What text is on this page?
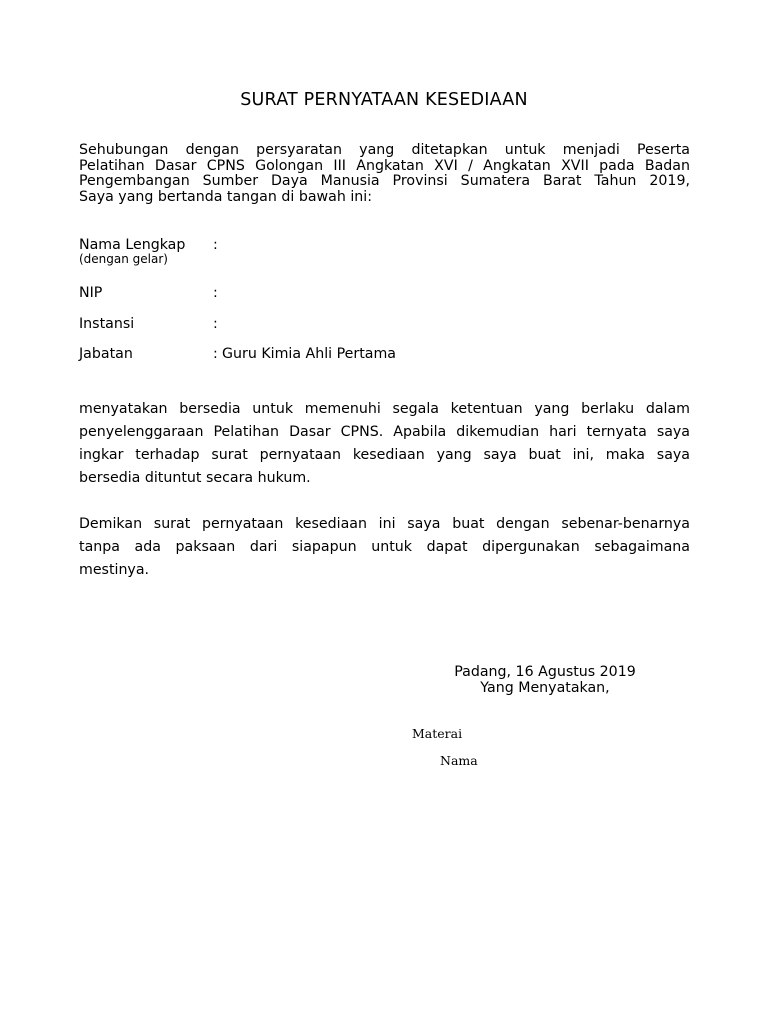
SURAT PERNYATAAN KESEDIAAN
Sehubungan dengan persyaratan yang ditetapkan untuk menjadi Peserta
Pelatihan Dasar CPNS Golongan III Angkatan XVI / Angkatan XVII pada Badan
Pengembangan Sumber Daya Manusia Provinsi Sumatera Barat Tahun 2019,
Saya yang bertanda tangan di bawah ini:
Nama Lengkap :
(dengan gelar)
NIP	:
Instansi	:
Jabatan	: Guru Kimia Ahli Pertama
menyatakan bersedia untuk memenuhi segala ketentuan yang berlaku dalam
penyelenggaraan Pelatihan Dasar CPNS. Apabila dikemudian hari ternyata saya
ingkar terhadap surat pernyataan kesediaan yang saya buat ini, maka saya
bersedia dituntut secara hukum.
Demikan surat pernyataan kesediaan ini saya buat dengan sebenar-benarnya
tanpa ada paksaan dari siapapun untuk dapat dipergunakan sebagaimana
mestinya.
Padang, 16 Agustus 2019
Yang Menyatakan,
Materai
Nama
